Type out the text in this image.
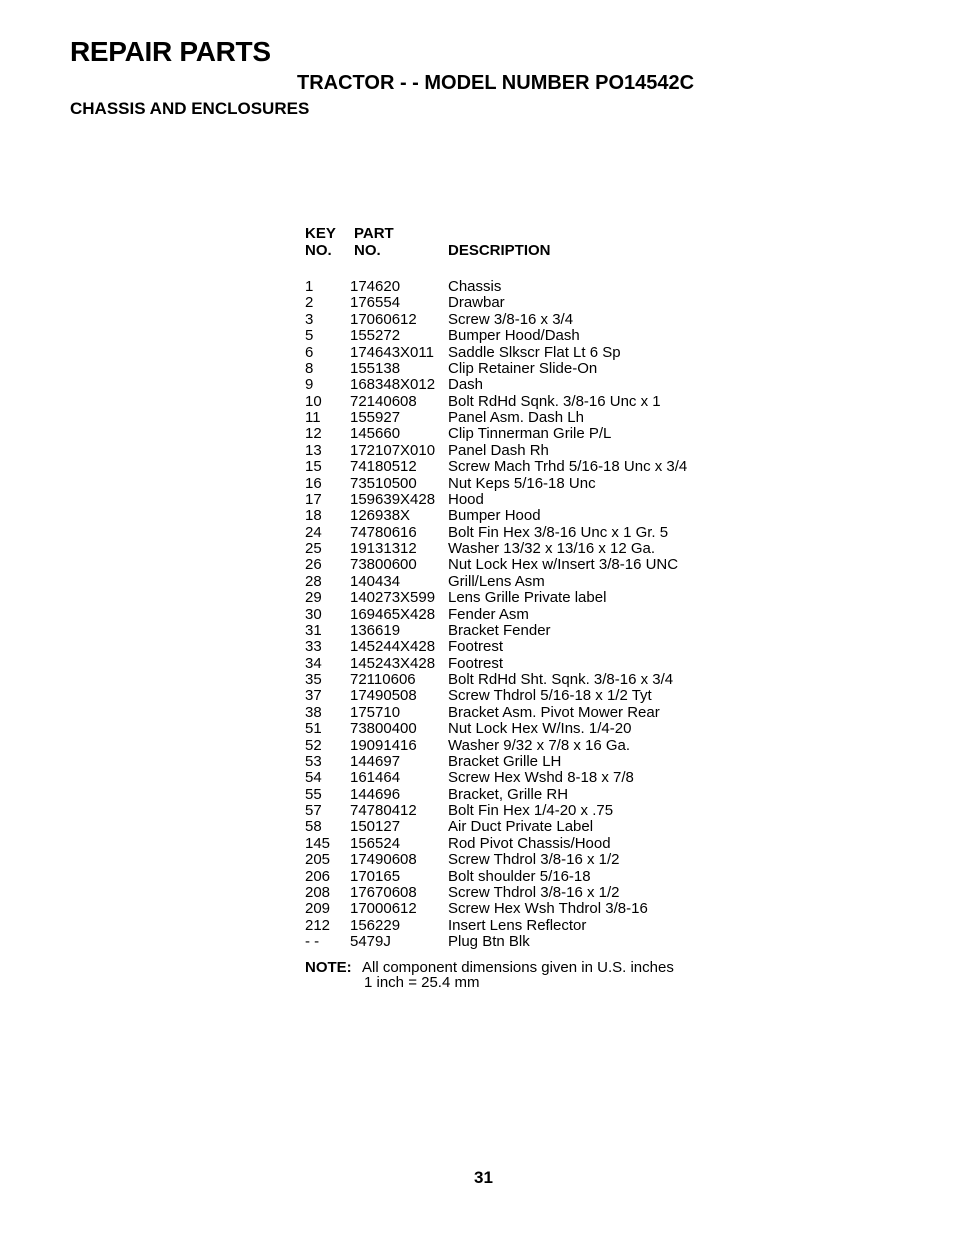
REPAIR PARTS
TRACTOR - - MODEL NUMBER PO14542C
CHASSIS AND ENCLOSURES
KEY
NO.
PART
NO.	DESCRIPTION
1 174620	Chassis
2 176554	Drawbar
3 17060612 Screw 3/8-16 x 3/4
5 155272	Bumper Hood/Dash
6 174643X011 Saddle Slkscr Flat Lt 6 Sp
8 155138	Clip Retainer Slide-On
9 168348X012 Dash
10 72140608 Bolt RdHd Sqnk. 3/8-16 Unc x 1
11 155927	Panel Asm. Dash Lh
12 145660	Clip Tinnerman Grile P/L
13 172107X010 Panel Dash Rh
15 74180512 Screw Mach Trhd 5/16-18 Unc x 3/4
16 73510500 Nut Keps 5/16-18 Unc
17 159639X428 Hood
18 126938X	Bumper Hood
24 74780616 Bolt Fin Hex 3/8-16 Unc x 1 Gr. 5
25 19131312 Washer 13/32 x 13/16 x 12 Ga.
26 73800600 Nut Lock Hex w/Insert 3/8-16 UNC
28 140434	Grill/Lens Asm
29 140273X599 Lens Grille Private label
30 169465X428 Fender Asm
31 136619	Bracket Fender
33 145244X428 Footrest
34 145243X428 Footrest
35 72110606 Bolt RdHd Sht. Sqnk. 3/8-16 x 3/4
37 17490508 Screw Thdrol 5/16-18 x 1/2 Tyt
38 175710	Bracket Asm. Pivot Mower Rear
51 73800400 Nut Lock Hex W/Ins. 1/4-20
52 19091416 Washer 9/32 x 7/8 x 16 Ga.
53 144697	Bracket Grille LH
54 161464	Screw Hex Wshd 8-18 x 7/8
55 144696	Bracket, Grille RH
57 74780412 Bolt Fin Hex 1/4-20 x .75
58 150127	Air Duct Private Label
145 156524	Rod Pivot Chassis/Hood
205 17490608 Screw Thdrol 3/8-16 x 1/2
206 170165	Bolt shoulder 5/16-18
208 17670608 Screw Thdrol 3/8-16 x 1/2
209 17000612 Screw Hex Wsh Thdrol 3/8-16
212 156229	Insert Lens Reflector
- - 5479J	Plug Btn Blk
NOTE: All component dimensions given in U.S. inches
1 inch = 25.4 mm
31
